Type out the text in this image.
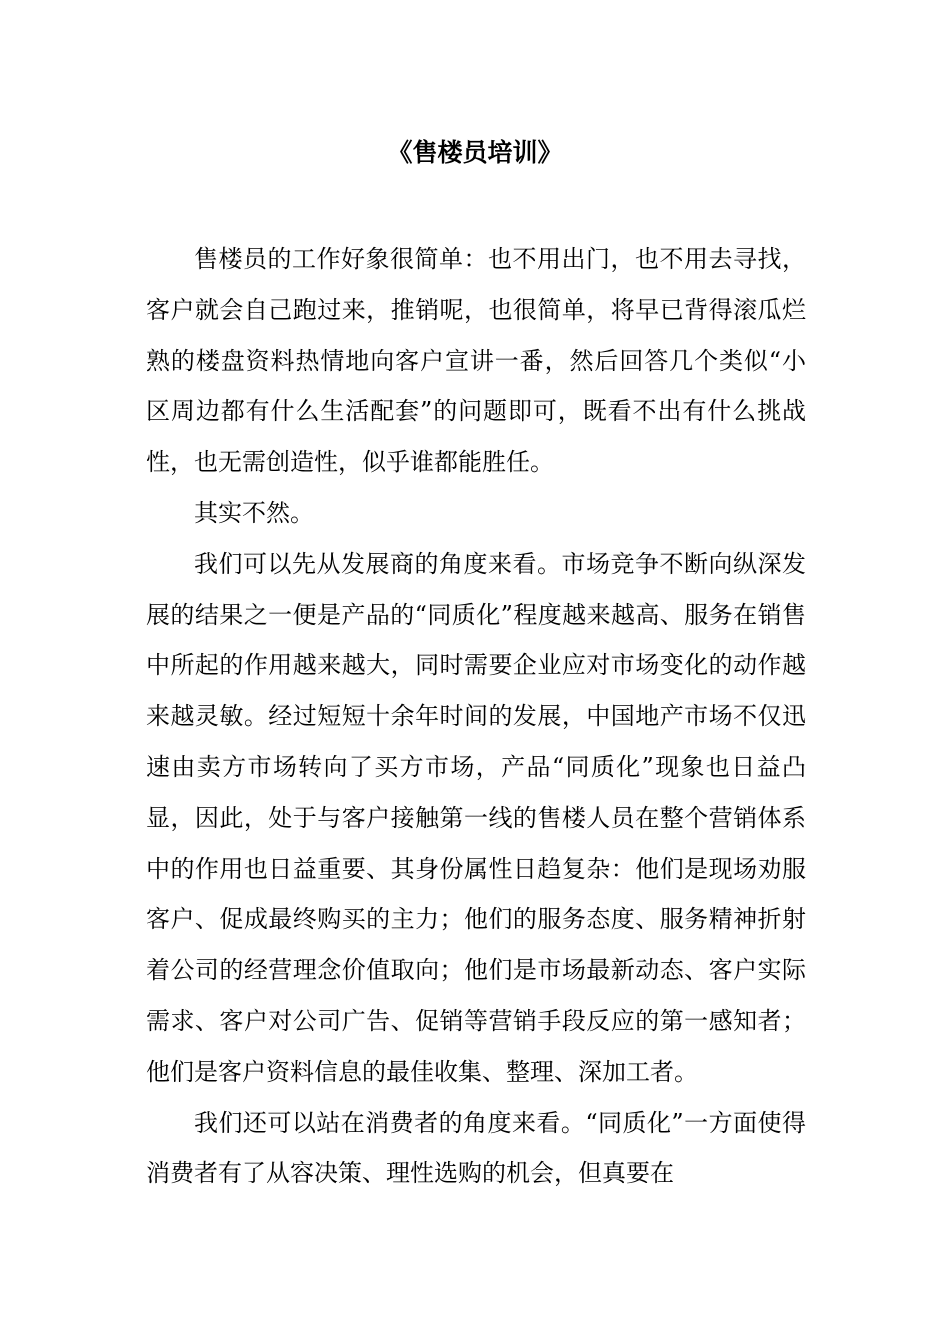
《售楼员培训》

售楼员的工作好象很简单：也不用出门，也不用去寻找，客户就会自己跑过来，推销呢，也很简单，将早已背得滚瓜烂熟的楼盘资料热情地向客户宣讲一番，然后回答几个类似“小区周边都有什么生活配套”的问题即可，既看不出有什么挑战性，也无需创造性，似乎谁都能胜任。

其实不然。

我们可以先从发展商的角度来看。市场竞争不断向纵深发展的结果之一便是产品的“同质化”程度越来越高、服务在销售中所起的作用越来越大，同时需要企业应对市场变化的动作越来越灵敏。经过短短十余年时间的发展，中国地产市场不仅迅速由卖方市场转向了买方市场，产品“同质化”现象也日益凸显，因此，处于与客户接触第一线的售楼人员在整个营销体系中的作用也日益重要、其身份属性日趋复杂：他们是现场劝服客户、促成最终购买的主力；他们的服务态度、服务精神折射着公司的经营理念价值取向；他们是市场最新动态、客户实际需求、客户对公司广告、促销等营销手段反应的第一感知者；他们是客户资料信息的最佳收集、整理、深加工者。

我们还可以站在消费者的角度来看。“同质化”一方面使得消费者有了从容决策、理性选购的机会，但真要在
